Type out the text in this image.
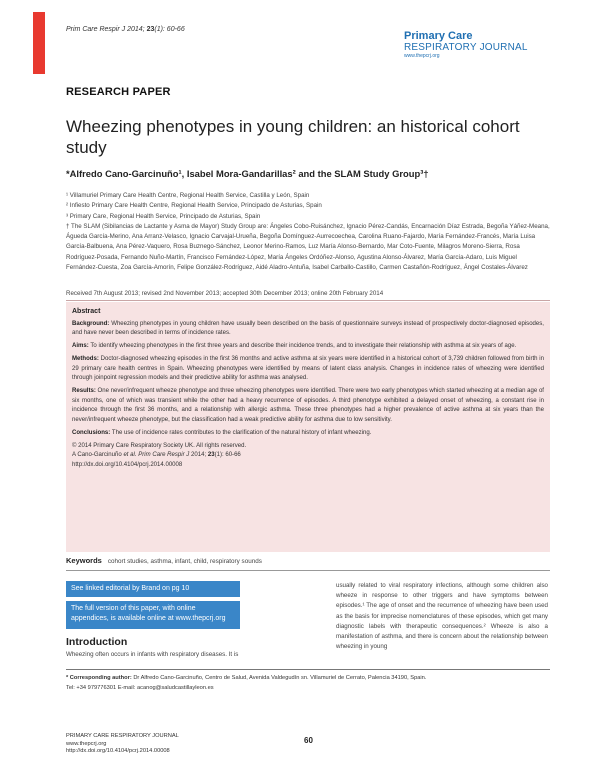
Prim Care Respir J 2014; 23(1): 60-66
Primary Care
RESPIRATORY JOURNAL
www.thepcrj.org
RESEARCH PAPER
Wheezing phenotypes in young children: an historical cohort study
*Alfredo Cano-Garcinuño¹, Isabel Mora-Gandarillas² and the SLAM Study Group³†

¹ Villamuriel Primary Care Health Centre, Regional Health Service, Castilla y León, Spain

² Infiesto Primary Care Health Centre, Regional Health Service, Principado de Asturias, Spain

³ Primary Care, Regional Health Service, Principado de Asturias, Spain

† The SLAM (Sibilancias de Lactante y Asma de Mayor) Study Group are: Ángeles Cobo-Ruisánchez, Ignacio Pérez-Candás, Encarnación Díaz Estrada, Begoña Yáñez-Meana, Águeda García-Merino, Ana Arranz-Velasco, Ignacio Carvajal-Urueña, Begoña Domínguez-Aurrecoechea, Carolina Ruano-Fajardo, María Fernández-Francés, María Luisa García-Balbuena, Ana Pérez-Vaquero, Rosa Buznego-Sánchez, Leonor Merino-Ramos, Luz María Alonso-Bernardo, Mar Coto-Fuente, Milagros Moreno-Sierra, Rosa Rodríguez-Posada, Fernando Nuño-Martín, Francisco Fernández-López, María Ángeles Ordóñez-Alonso, Agustina Alonso-Álvarez, María García-Adaro, Luis Miguel Fernández-Cuesta, Zoa García-Amorín, Felipe González-Rodríguez, Aidé Aladro-Antuña, Isabel Carballo-Castillo, Carmen Castañón-Rodríguez, Ángel Costales-Álvarez

Received 7th August 2013; revised 2nd November 2013; accepted 30th December 2013; online 20th February 2014
Abstract

Background: Wheezing phenotypes in young children have usually been described on the basis of questionnaire surveys instead of prospectively doctor-diagnosed episodes, and have never been described in terms of incidence rates.

Aims: To identify wheezing phenotypes in the first three years and describe their incidence trends, and to investigate their relationship with asthma at six years of age.

Methods: Doctor-diagnosed wheezing episodes in the first 36 months and active asthma at six years were identified in a historical cohort of 3,739 children followed from birth in 29 primary care health centres in Spain. Wheezing phenotypes were identified by means of latent class analysis. Changes in incidence rates of wheezing were identified through joinpoint regression models and their predictive ability for asthma was analysed.

Results: One never/infrequent wheeze phenotype and three wheezing phenotypes were identified. There were two early phenotypes which started wheezing at a median age of six months, one of which was transient while the other had a heavy recurrence of episodes. A third phenotype exhibited a delayed onset of wheezing, a constant rise in incidence through the first 36 months, and a relationship with allergic asthma. These three phenotypes had a higher prevalence of active asthma at six years than the never/infrequent wheeze phenotype, but the classification had a weak predictive ability for asthma due to low sensitivity.

Conclusions: The use of incidence rates contributes to the clarification of the natural history of infant wheezing.

© 2014 Primary Care Respiratory Society UK. All rights reserved.

A Cano-Garcinuño et al. Prim Care Respir J 2014; 23(1): 60-66

http://dx.doi.org/10.4104/pcrj.2014.00008

Keywords cohort studies, asthma, infant, child, respiratory sounds
See linked editorial by Brand on pg 10
The full version of this paper, with online appendices, is available online at www.thepcrj.org
Introduction

Wheezing often occurs in infants with respiratory diseases. It is

usually related to viral respiratory infections, although some children also wheeze in response to other triggers and have symptoms between episodes.¹ The age of onset and the recurrence of wheezing have been used as the basis for imprecise nomenclatures of these episodes, which get many diagnostic labels with therapeutic consequences.² Wheeze is also a manifestation of asthma, and there is concern about the relationship between wheezing in young

* Corresponding author: Dr Alfredo Cano-Garcinuño, Centro de Salud, Avenida Valdegudín sn. Villamuriel de Cerrato, Palencia 34190, Spain.
Tel: +34 979776301 E-mail: acanog@saludcastillayleon.es
PRIMARY CARE RESPIRATORY JOURNAL
www.thepcrj.org
http://dx.doi.org/10.4104/pcrj.2014.00008
60
